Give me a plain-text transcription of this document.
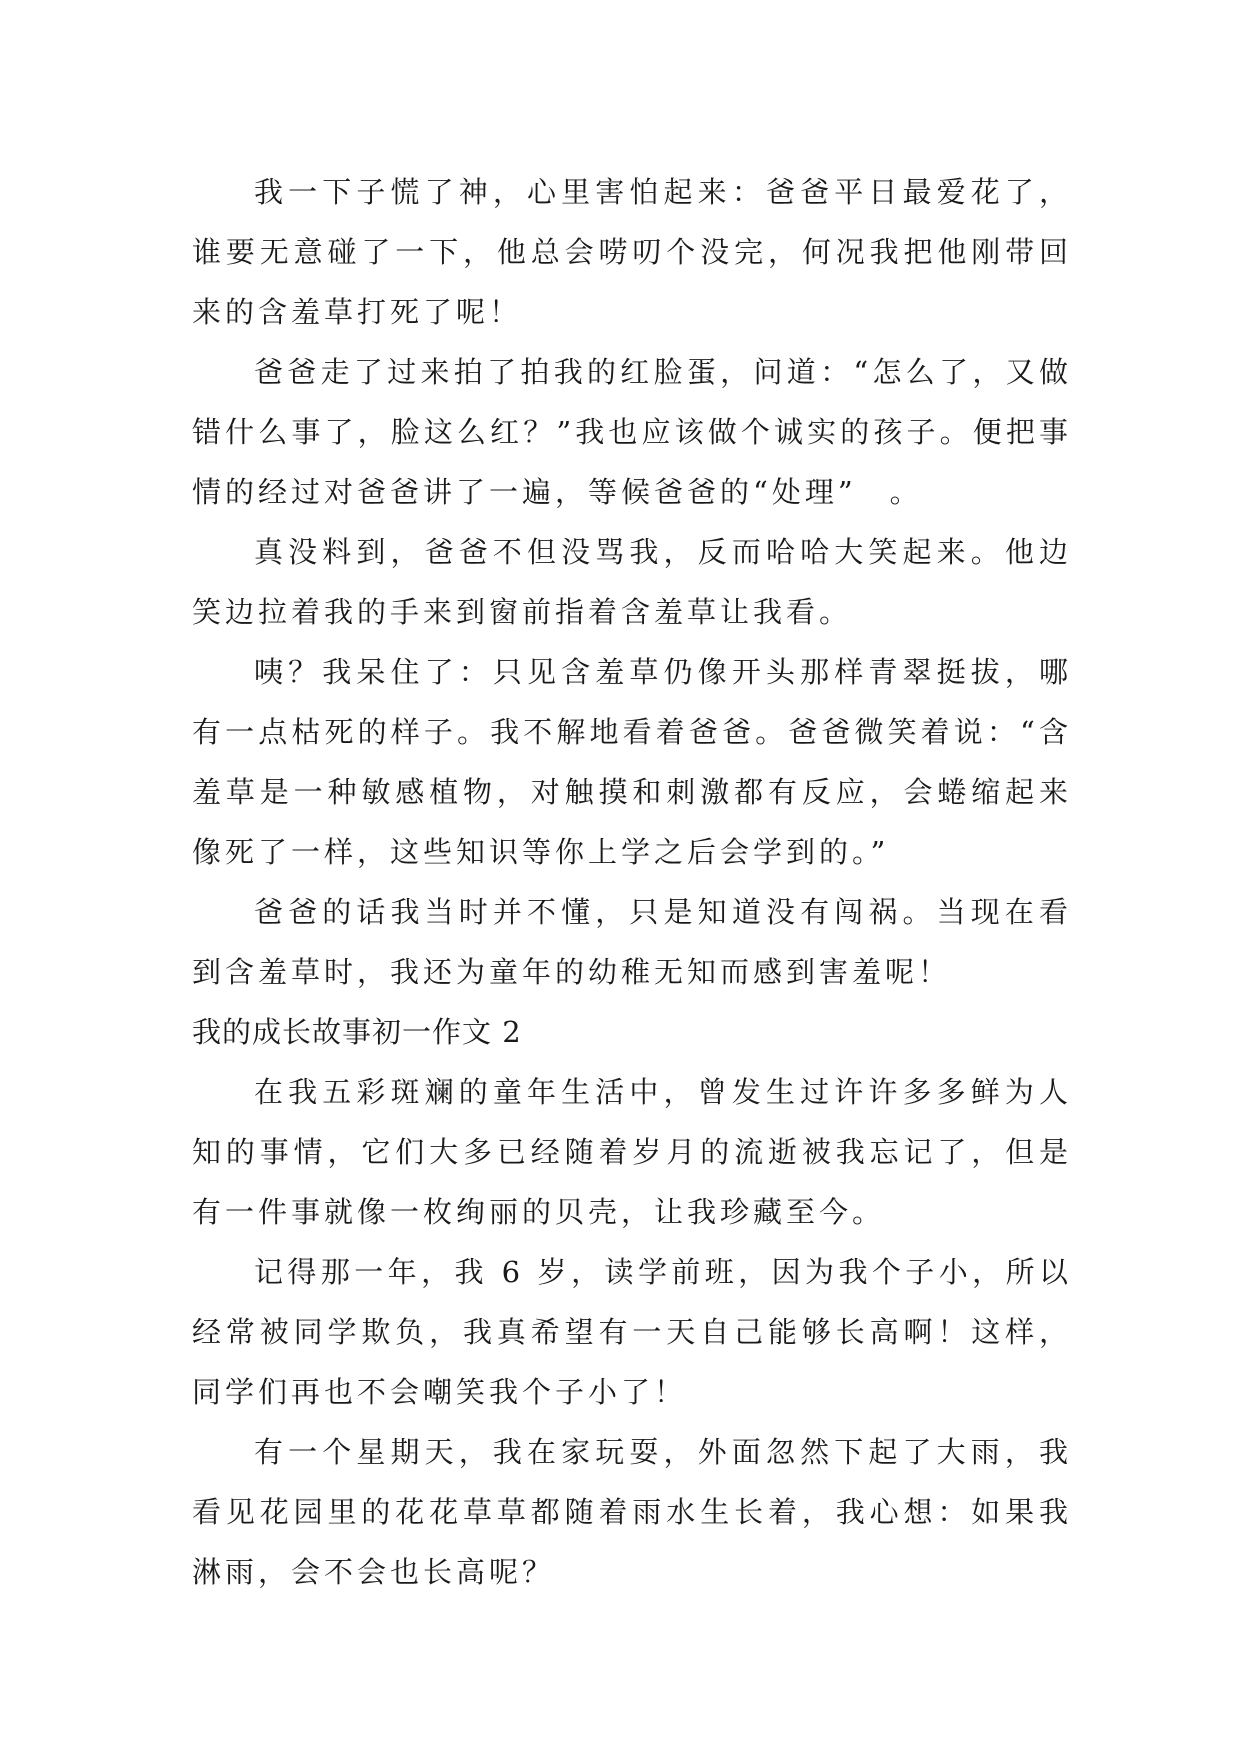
我一下子慌了神，心里害怕起来：爸爸平日最爱花了，谁要无意碰了一下，他总会唠叨个没完，何况我把他刚带回来的含羞草打死了呢！

爸爸走了过来拍了拍我的红脸蛋，问道：“怎么了，又做错什么事了，脸这么红？”我也应该做个诚实的孩子。便把事情的经过对爸爸讲了一遍，等候爸爸的“处理”　。

真没料到，爸爸不但没骂我，反而哈哈大笑起来。他边笑边拉着我的手来到窗前指着含羞草让我看。

咦？我呆住了：只见含羞草仍像开头那样青翠挺拔，哪有一点枯死的样子。我不解地看着爸爸。爸爸微笑着说：“含羞草是一种敏感植物，对触摸和刺激都有反应，会蜷缩起来像死了一样，这些知识等你上学之后会学到的。”

爸爸的话我当时并不懂，只是知道没有闯祸。当现在看到含羞草时，我还为童年的幼稚无知而感到害羞呢！

我的成长故事初一作文 2

在我五彩斑斓的童年生活中，曾发生过许许多多鲜为人知的事情，它们大多已经随着岁月的流逝被我忘记了，但是有一件事就像一枚绚丽的贝壳，让我珍藏至今。

记得那一年，我 6 岁，读学前班，因为我个子小，所以经常被同学欺负，我真希望有一天自己能够长高啊！这样，同学们再也不会嘲笑我个子小了！

有一个星期天，我在家玩耍，外面忽然下起了大雨，我看见花园里的花花草草都随着雨水生长着，我心想：如果我淋雨，会不会也长高呢？
